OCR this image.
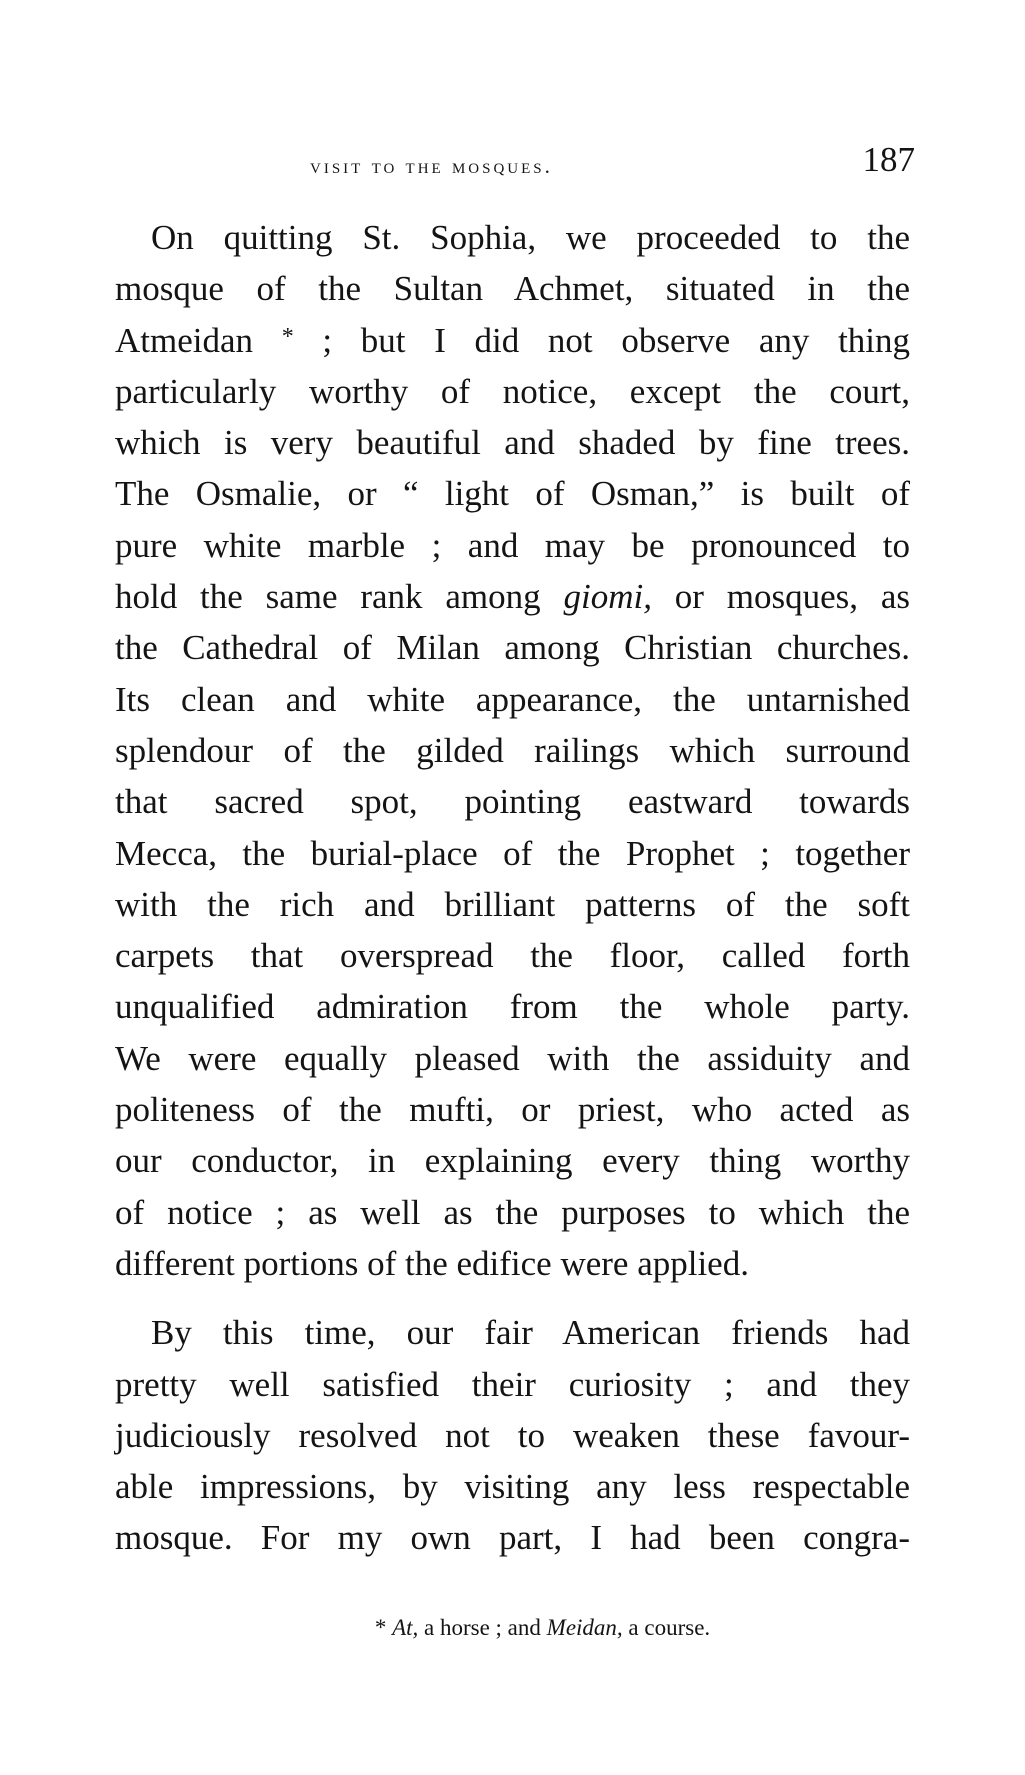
visit to the mosques.	187
On quitting St. Sophia, we proceeded to the
mosque of the Sultan Achmet, situated in the
Atmeidan * ; but I did not observe any thing
particularly worthy of notice, except the court,
which is very beautiful and shaded by fine trees.
The Osmalie, or “ light of Osman,” is built of
pure white marble ; and may be pronounced to
hold the same rank among giomi, or mosques, as
the Cathedral of Milan among Christian churches.
Its clean and white appearance, the untarnished
splendour of the gilded railings which surround
that sacred spot, pointing eastward towards
Mecca, the burial-place of the Prophet ; together
with the rich and brilliant patterns of the soft
carpets that overspread the floor, called forth
unqualified admiration from the whole party.
We were equally pleased with the assiduity and
politeness of the mufti, or priest, who acted as
our conductor, in explaining every thing worthy
of notice ; as well as the purposes to which the
different portions of the edifice were applied.
By this time, our fair American friends had
pretty well satisfied their curiosity ; and they
judiciously resolved not to weaken these favour-
able impressions, by visiting any less respectable
mosque. For my own part, I had been congra-
* At, a horse ; and Meidan, a course.
